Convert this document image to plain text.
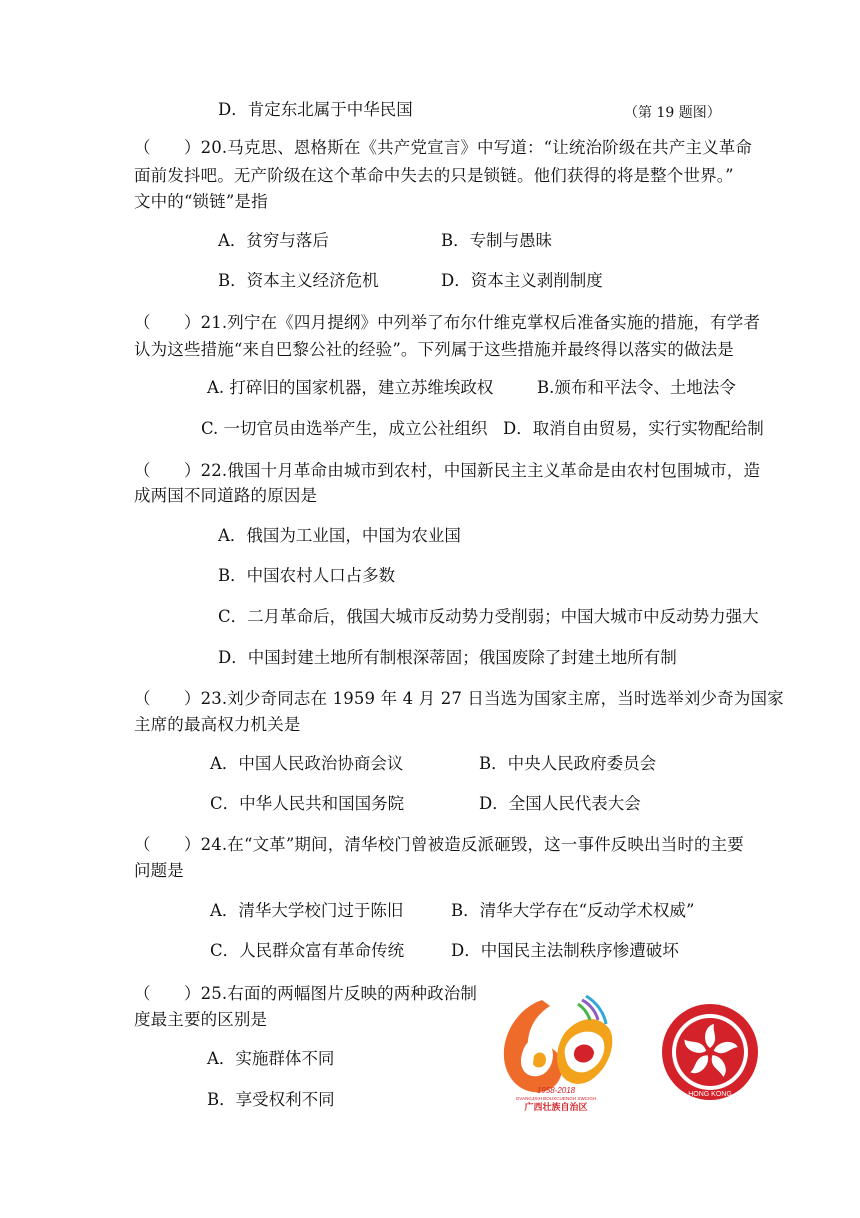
D．肯定东北属于中华民国	（第 19 题图）
（　　）20.马克思、恩格斯在《共产党宣言》中写道：“让统治阶级在共产主义革命
面前发抖吧。无产阶级在这个革命中失去的只是锁链。他们获得的将是整个世界。”
文中的“锁链”是指
A．贫穷与落后	B．专制与愚昧
B．资本主义经济危机	D．资本主义剥削制度
（　　）21.列宁在《四月提纲》中列举了布尔什维克掌权后准备实施的措施，有学者
认为这些措施“来自巴黎公社的经验”。下列属于这些措施并最终得以落实的做法是
A. 打碎旧的国家机器，建立苏维埃政权	B.颁布和平法令、土地法令
C. 一切官员由选举产生，成立公社组织 D．取消自由贸易，实行实物配给制
（　　）22.俄国十月革命由城市到农村，中国新民主主义革命是由农村包围城市，造
成两国不同道路的原因是
A．俄国为工业国，中国为农业国
B．中国农村人口占多数
C．二月革命后，俄国大城市反动势力受削弱；中国大城市中反动势力强大
D．中国封建土地所有制根深蒂固；俄国废除了封建土地所有制
（　　）23.刘少奇同志在 1959 年 4 月 27 日当选为国家主席，当时选举刘少奇为国家
主席的最高权力机关是
A．中国人民政治协商会议	B．中央人民政府委员会
C．中华人民共和国国务院	D．全国人民代表大会
（　　）24.在“文革”期间，清华校门曾被造反派砸毁，这一事件反映出当时的主要
问题是
A．清华大学校门过于陈旧	B．清华大学存在“反动学术权威”
C．人民群众富有革命传统	D．中国民主法制秩序惨遭破坏
（　　）25.右面的两幅图片反映的两种政治制
度最主要的区别是
A．实施群体不同
B．享受权利不同	1958-2018
GVANGJSIH BOUXCUENGH SWCIGH
广西壮族自治区
HONG KONG
